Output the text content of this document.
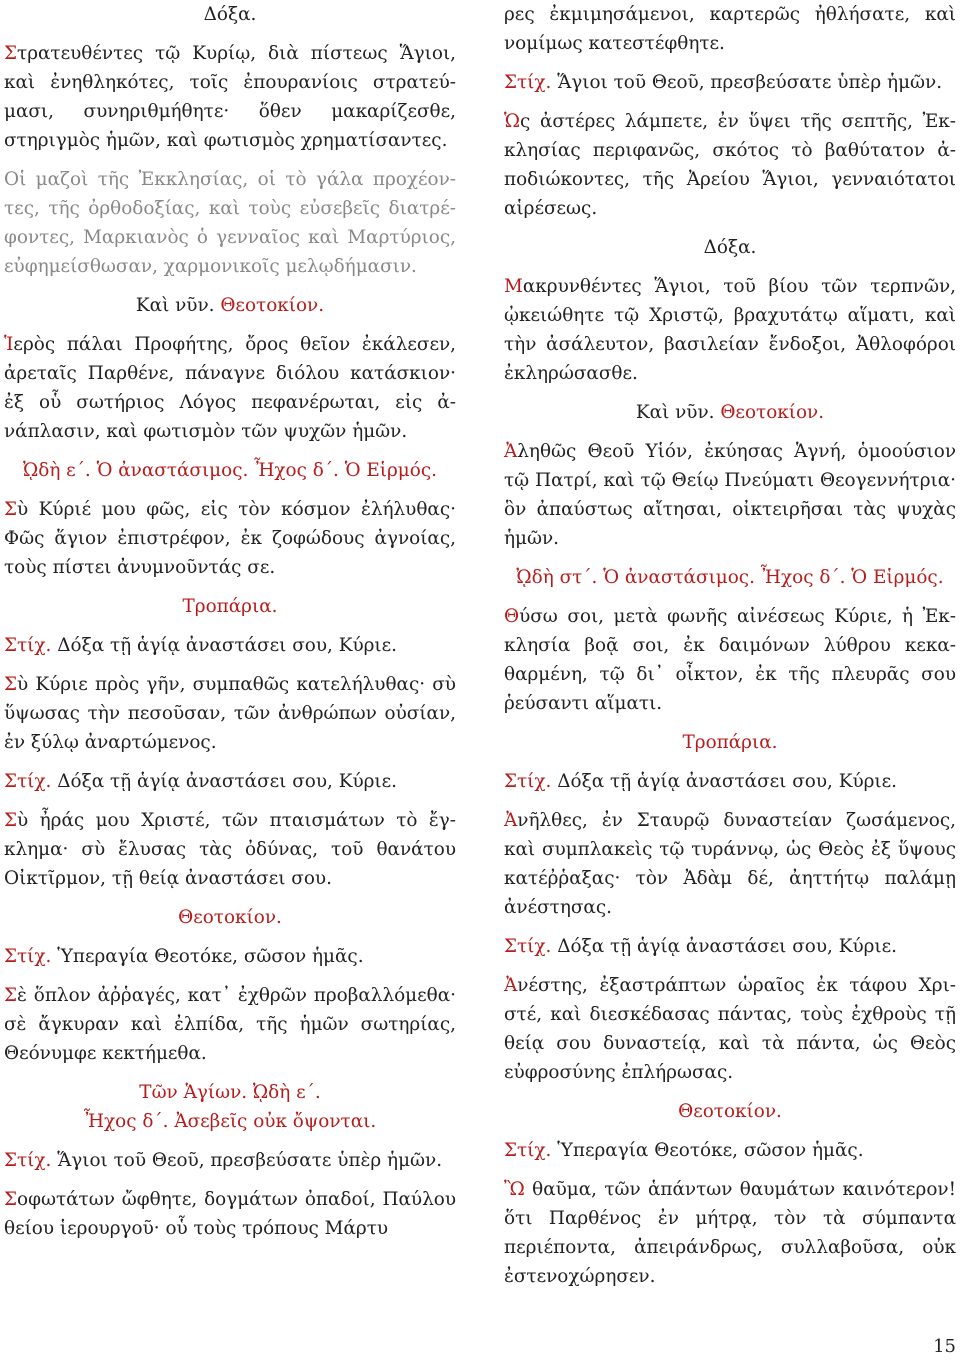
Δόξα.
Στρατευθέντες τῷ Κυρίῳ, διὰ πίστεως Ἅγιοι, καὶ ἐνηθληκότες, τοῖς ἐπουρανίοις στρατεύμασι, συνηριθμήθητε· ὅθεν μακαρίζεσθε, στηριγμὸς ἡμῶν, καὶ φωτισμὸς χρηματίσαντες.
Οἱ μαζοὶ τῆς Ἐκκλησίας, οἱ τὸ γάλα προχέοντες, τῆς ὀρθοδοξίας, καὶ τοὺς εὐσεβεῖς διατρέφοντες, Μαρκιανὸς ὁ γενναῖος καὶ Μαρτύριος, εὐφημείσθωσαν, χαρμονικοῖς μελῳδήμασιν.
Καὶ νῦν. Θεοτοκίον.
Ἱερὸς πάλαι Προφήτης, ὄρος θεῖον ἐκάλεσεν, ἀρεταῖς Παρθένε, πάναγνε διόλου κατάσκιον· ἐξ οὗ σωτήριος Λόγος πεφανέρωται, εἰς ἀνάπλασιν, καὶ φωτισμὸν τῶν ψυχῶν ἡμῶν.
ᾨδὴ ε΄. Ὁ ἀναστάσιμος. Ἦχος δ΄. Ὁ Εἱρμός.
Σὺ Κύριέ μου φῶς, εἰς τὸν κόσμον ἐλήλυθας· Φῶς ἅγιον ἐπιστρέφον, ἐκ ζοφώδους ἀγνοίας, τοὺς πίστει ἀνυμνοῦντάς σε.
Τροπάρια.
Στίχ. Δόξα τῇ ἁγίᾳ ἀναστάσει σου, Κύριε.
Σὺ Κύριε πρὸς γῆν, συμπαθῶς κατελήλυθας· σὺ ὕψωσας τὴν πεσοῦσαν, τῶν ἀνθρώπων οὐσίαν, ἐν ξύλῳ ἀναρτώμενος.
Στίχ. Δόξα τῇ ἁγίᾳ ἀναστάσει σου, Κύριε.
Σὺ ἦράς μου Χριστέ, τῶν πταισμάτων τὸ ἔγκλημα· σὺ ἔλυσας τὰς ὀδύνας, τοῦ θανάτου Οἰκτῖρμον, τῇ θείᾳ ἀναστάσει σου.
Θεοτοκίον.
Στίχ. Ὑπεραγία Θεοτόκε, σῶσον ἡμᾶς.
Σὲ ὅπλον ἀῤῥαγές, κατ᾽ ἐχθρῶν προβαλλόμεθα· σὲ ἄγκυραν καὶ ἐλπίδα, τῆς ἡμῶν σωτηρίας, Θεόνυμφε κεκτήμεθα.
Τῶν Ἁγίων. ᾨδὴ ε΄.
Ἦχος δ΄. Ἀσεβεῖς οὐκ ὄψονται.
Στίχ. Ἅγιοι τοῦ Θεοῦ, πρεσβεύσατε ὑπὲρ ἡμῶν.
Σοφωτάτων ὤφθητε, δογμάτων ὀπαδοί, Παύλου θείου ἱερουργοῦ· οὗ τοὺς τρόπους Μάρτυ
ρες ἐκμιμησάμενοι, καρτερῶς ἠθλήσατε, καὶ νομίμως κατεστέφθητε.
Στίχ. Ἅγιοι τοῦ Θεοῦ, πρεσβεύσατε ὑπὲρ ἡμῶν.
Ὡς ἀστέρες λάμπετε, ἐν ὕψει τῆς σεπτῆς, Ἐκκλησίας περιφανῶς, σκότος τὸ βαθύτατον ἀποδιώκοντες, τῆς Ἀρείου Ἅγιοι, γενναιότατοι αἱρέσεως.
Δόξα.
Μακρυνθέντες Ἅγιοι, τοῦ βίου τῶν τερπνῶν, ᾠκειώθητε τῷ Χριστῷ, βραχυτάτῳ αἵματι, καὶ τὴν ἀσάλευτον, βασιλείαν ἔνδοξοι, Ἀθλοφόροι ἐκληρώσασθε.
Καὶ νῦν. Θεοτοκίον.
Ἀληθῶς Θεοῦ Υἱόν, ἐκύησας Ἁγνή, ὁμοούσιον τῷ Πατρί, καὶ τῷ Θείῳ Πνεύματι Θεογεννήτρια· ὃν ἀπαύστως αἴτησαι, οἰκτειρῆσαι τὰς ψυχὰς ἡμῶν.
ᾨδὴ στ΄. Ὁ ἀναστάσιμος. Ἦχος δ΄. Ὁ Εἱρμός.
Θύσω σοι, μετὰ φωνῆς αἰνέσεως Κύριε, ἡ Ἐκκλησία βοᾷ σοι, ἐκ δαιμόνων λύθρου κεκαθαρμένη, τῷ δι᾽ οἶκτον, ἐκ τῆς πλευρᾶς σου ῥεύσαντι αἵματι.
Τροπάρια.
Στίχ. Δόξα τῇ ἁγίᾳ ἀναστάσει σου, Κύριε.
Ἀνῆλθες, ἐν Σταυρῷ δυναστείαν ζωσάμενος, καὶ συμπλακεὶς τῷ τυράννῳ, ὡς Θεὸς ἐξ ὕψους κατέῤῥαξας· τὸν Ἀδὰμ δέ, ἀηττήτῳ παλάμῃ ἀνέστησας.
Στίχ. Δόξα τῇ ἁγίᾳ ἀναστάσει σου, Κύριε.
Ἀνέστης, ἐξαστράπτων ὡραῖος ἐκ τάφου Χριστέ, καὶ διεσκέδασας πάντας, τοὺς ἐχθροὺς τῇ θείᾳ σου δυναστείᾳ, καὶ τὰ πάντα, ὡς Θεὸς εὐφροσύνης ἐπλήρωσας.
Θεοτοκίον.
Στίχ. Ὑπεραγία Θεοτόκε, σῶσον ἡμᾶς.
Ὢ θαῦμα, τῶν ἁπάντων θαυμάτων καινότερον! ὅτι Παρθένος ἐν μήτρᾳ, τὸν τὰ σύμπαντα περιέποντα, ἀπειράνδρως, συλλαβοῦσα, οὐκ ἐστενοχώρησεν.
15
